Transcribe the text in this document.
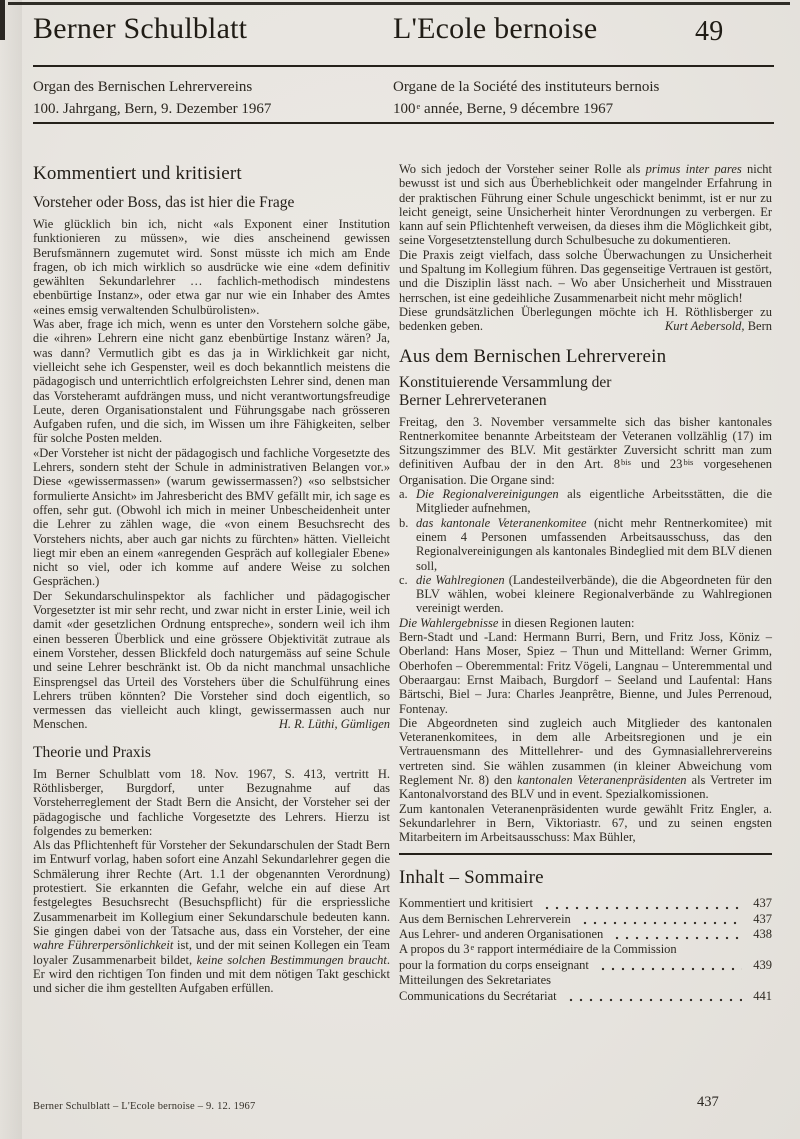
Berner Schulblatt	L'Ecole bernoise	49
Organ des Bernischen Lehrervereins
100. Jahrgang, Bern, 9. Dezember 1967
Organe de la Société des instituteurs bernois
100e année, Berne, 9 décembre 1967
Kommentiert und kritisiert
Vorsteher oder Boss, das ist hier die Frage

Wie glücklich bin ich, nicht «als Exponent einer Institution funktionieren zu müssen», wie dies anscheinend gewissen Berufsmännern zugemutet wird. Sonst müsste ich mich am Ende fragen, ob ich mich wirklich so ausdrücke wie eine «dem definitiv gewählten Sekundarlehrer … fachlich-methodisch mindestens ebenbürtige Instanz», oder etwa gar nur wie ein Inhaber des Amtes «eines emsig verwaltenden Schulbürolisten».

Was aber, frage ich mich, wenn es unter den Vorstehern solche gäbe, die «ihren» Lehrern eine nicht ganz ebenbürtige Instanz wären? Ja, was dann? Vermutlich gibt es das ja in Wirklichkeit gar nicht, vielleicht sehe ich Gespenster, weil es doch bekanntlich meistens die pädagogisch und unterrichtlich erfolgreichsten Lehrer sind, denen man das Vorsteheramt aufdrängen muss, und nicht verantwortungsfreudige Leute, deren Organisationstalent und Führungsgabe nach grösseren Aufgaben rufen, und die sich, im Wissen um ihre Fähigkeiten, selber für solche Posten melden.

«Der Vorsteher ist nicht der pädagogisch und fachliche Vorgesetzte des Lehrers, sondern steht der Schule in administrativen Belangen vor.» Diese «gewissermassen» (warum gewissermassen?) «so selbstsicher formulierte Ansicht» im Jahresbericht des BMV gefällt mir, ich sage es offen, sehr gut. (Obwohl ich mich in meiner Unbescheidenheit unter die Lehrer zu zählen wage, die «von einem Besuchsrecht des Vorstehers nichts, aber auch gar nichts zu fürchten» hätten. Vielleicht liegt mir eben an einem «anregenden Gespräch auf kollegialer Ebene» nicht so viel, oder ich komme auf andere Weise zu solchen Gesprächen.)

Der Sekundarschulinspektor als fachlicher und pädagogischer Vorgesetzter ist mir sehr recht, und zwar nicht in erster Linie, weil ich damit «der gesetzlichen Ordnung entspreche», sondern weil ich ihm einen besseren Überblick und eine grössere Objektivität zutraue als einem Vorsteher, dessen Blickfeld doch naturgemäss auf seine Schule und seine Lehrer beschränkt ist. Ob da nicht manchmal unsachliche Einsprengsel das Urteil des Vorstehers über die Schulführung eines Lehrers trüben könnten? Die Vorsteher sind doch eigentlich, so vermessen das vielleicht auch klingt, gewissermassen auch nur Menschen.	H. R. Lüthi, Gümligen
Theorie und Praxis

Im Berner Schulblatt vom 18. Nov. 1967, S. 413, vertritt H. Röthlisberger, Burgdorf, unter Bezugnahme auf das Vorsteherreglement der Stadt Bern die Ansicht, der Vorsteher sei der pädagogische und fachliche Vorgesetzte des Lehrers. Hierzu ist folgendes zu bemerken:

Als das Pflichtenheft für Vorsteher der Sekundarschulen der Stadt Bern im Entwurf vorlag, haben sofort eine Anzahl Sekundarlehrer gegen die Schmälerung ihrer Rechte (Art. 1.1 der obgenannten Verordnung) protestiert. Sie erkannten die Gefahr, welche ein auf diese Art festgelegtes Besuchsrecht (Besuchspflicht) für die erspriessliche Zusammenarbeit im Kollegium einer Sekundarschule bedeuten kann. Sie gingen dabei von der Tatsache aus, dass ein Vorsteher, der eine wahre Führerpersönlichkeit ist, und der mit seinen Kollegen ein Team loyaler Zusammenarbeit bildet, keine solchen Bestimmungen braucht. Er wird den richtigen Ton finden und mit dem nötigen Takt geschickt und sicher die ihm gestellten Aufgaben erfüllen.

Wo sich jedoch der Vorsteher seiner Rolle als primus inter pares nicht bewusst ist und sich aus Überheblichkeit oder mangelnder Erfahrung in der praktischen Führung einer Schule ungeschickt benimmt, ist er nur zu leicht geneigt, seine Unsicherheit hinter Verordnungen zu verbergen. Er kann auf sein Pflichtenheft verweisen, da dieses ihm die Möglichkeit gibt, seine Vorgesetztenstellung durch Schulbesuche zu dokumentieren.

Die Praxis zeigt vielfach, dass solche Überwachungen zu Unsicherheit und Spaltung im Kollegium führen. Das gegenseitige Vertrauen ist gestört, und die Disziplin lässt nach. – Wo aber Unsicherheit und Misstrauen herrschen, ist eine gedeihliche Zusammenarbeit nicht mehr möglich!

Diese grundsätzlichen Überlegungen möchte ich H. Röthlisberger zu bedenken geben.	Kurt Aebersold, Bern
Aus dem Bernischen Lehrerverein
Konstituierende Versammlung der
Berner Lehrerveteranen

Freitag, den 3. November versammelte sich das bisher kantonales Rentnerkomitee benannte Arbeitsteam der Veteranen vollzählig (17) im Sitzungszimmer des BLV. Mit gestärkter Zuversicht schritt man zum definitiven Aufbau der in den Art. $8^{bis}$ und $23^{bis}$ vorgesehenen Organisation. Die Organe sind:

a. Die Regionalvereinigungen als eigentliche Arbeitsstätten, die die Mitglieder aufnehmen,
b. das kantonale Veteranenkomitee (nicht mehr Rentnerkomitee) mit einem 4 Personen umfassenden Arbeitsausschuss, das den Regionalvereinigungen als kantonales Bindeglied mit dem BLV dienen soll,
c. die Wahlregionen (Landesteilverbände), die die Abgeordneten für den BLV wählen, wobei kleinere Regionalverbände zu Wahlregionen vereinigt werden.

Die Wahlergebnisse in diesen Regionen lauten:

Bern-Stadt und -Land: Hermann Burri, Bern, und Fritz Joss, Köniz – Oberland: Hans Moser, Spiez – Thun und Mittelland: Werner Grimm, Oberhofen – Oberemmental: Fritz Vögeli, Langnau – Unteremmental und Oberaargau: Ernst Maibach, Burgdorf – Seeland und Laufental: Hans Bärtschi, Biel – Jura: Charles Jeanprêtre, Bienne, und Jules Perrenoud, Fontenay.

Die Abgeordneten sind zugleich auch Mitglieder des kantonalen Veteranenkomitees, in dem alle Arbeitsregionen und je ein Vertrauensmann des Mittellehrer- und des Gymnasiallehrervereins vertreten sind. Sie wählen zusammen (in kleiner Abweichung vom Reglement Nr. 8) den kantonalen Veteranenpräsidenten als Vertreter im Kantonalvorstand des BLV und in event. Spezialkomissionen.

Zum kantonalen Veteranenpräsidenten wurde gewählt Fritz Engler, a. Sekundarlehrer in Bern, Viktoriastr. 67, und zu seinen engsten Mitarbeitern im Arbeitsausschuss: Max Bühler,

Inhalt – Sommaire
Kommentiert und kritisiert	437
Aus dem Bernischen Lehrerverein	437
Aus Lehrer- und anderen Organisationen	438
A propos du 3e rapport intermédiaire de la Commission
pour la formation du corps enseignant	439
Mitteilungen des Sekretariates
Communications du Secrétariat	441
Berner Schulblatt – L'Ecole bernoise – 9. 12. 1967	437
